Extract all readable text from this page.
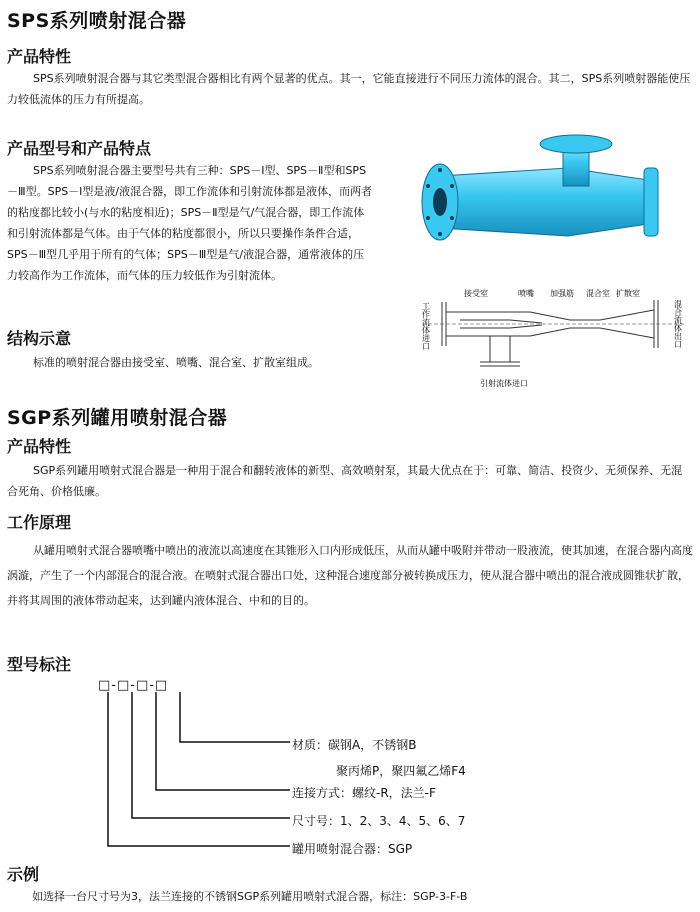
SPS系列喷射混合器
产品特性

SPS系列喷射混合器与其它类型混合器相比有两个显著的优点。其一，它能直接进行不同压力流体的混合。其二，SPS系列喷射器能使压力较低流体的压力有所提高。

产品型号和产品特点

SPS系列喷射混合器主要型号共有三种：SPS－Ⅰ型、SPS－Ⅱ型和SPS－Ⅲ型。SPS－Ⅰ型是液/液混合器，即工作流体和引射流体都是液体，而两者的粘度都比较小(与水的粘度相近)；SPS－Ⅱ型是气/气混合器，即工作流体和引射流体都是气体。由于气体的粘度都很小，所以只要操作条件合适，SPS－Ⅲ型几乎用于所有的气体；SPS－Ⅲ型是气/液混合器，通常液体的压力较高作为工作流体，而气体的压力较低作为引射流体。

结构示意

标准的喷射混合器由接受室、喷嘴、混合室、扩散室组成。

工作流体进口	混合流体出口
接受室	喷嘴 加强筋 混合室 扩散室
引射流体进口
SGP系列罐用喷射混合器
产品特性

SGP系列罐用喷射式混合器是一种用于混合和翻转液体的新型、高效喷射泵，其最大优点在于：可靠、简洁、投资少、无须保养、无混合死角、价格低廉。

工作原理

从罐用喷射式混合器喷嘴中喷出的液流以高速度在其锥形入口内形成低压，从而从罐中吸附并带动一股液流，使其加速，在混合器内高度涡漩，产生了一个内部混合的混合液。在喷射式混合器出口处，这种混合速度部分被转换成压力，使从混合器中喷出的混合液成圆锥状扩散，并将其周围的液体带动起来，达到罐内液体混合、中和的目的。

型号标注
□-□-□-□
材质：碳钢A，不锈钢B
聚丙烯P，聚四氟乙烯F4
连接方式：螺纹-R，法兰-F
尺寸号：1、2、3、4、5、6、7
罐用喷射混合器：SGP
示例

如选择一台尺寸号为3，法兰连接的不锈钢SGP系列罐用喷射式混合器，标注：SGP-3-F-B
